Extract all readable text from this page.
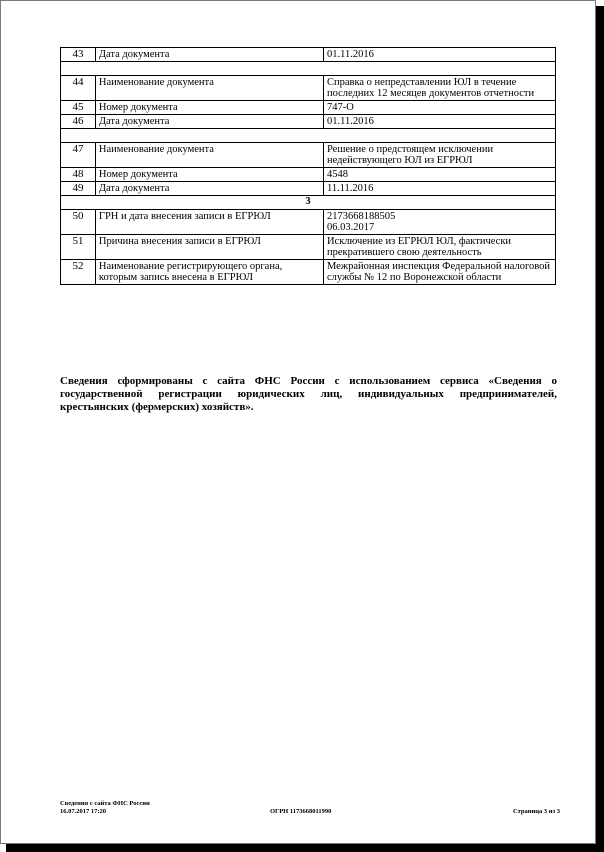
43	Дата документа	01.11.2016

44	Наименование документа	Справка о непредставлении ЮЛ в течение последних 12 месяцев документов отчетности
45	Номер документа	747-О
46	Дата документа	01.11.2016

47	Наименование документа	Решение о предстоящем исключении недействующего ЮЛ из ЕГРЮЛ
48	Номер документа	4548
49	Дата документа	11.11.2016
3		
50	ГРН и дата внесения записи в ЕГРЮЛ	2173668188505
06.03.2017
51	Причина внесения записи в ЕГРЮЛ	Исключение из ЕГРЮЛ ЮЛ, фактически прекратившего свою деятельность
52	Наименование регистрирующего органа, которым запись внесена в ЕГРЮЛ	Межрайонная инспекция Федеральной налоговой службы № 12 по Воронежской области
Сведения сформированы с сайта ФНС России с использованием сервиса «Сведения о государственной регистрации юридических лиц, индивидуальных предпринимателей, крестьянских (фермерских) хозяйств».
Сведения с сайта ФНС России
16.07.2017 17:20	ОГРН 1173668011990	Страница 3 из 3
